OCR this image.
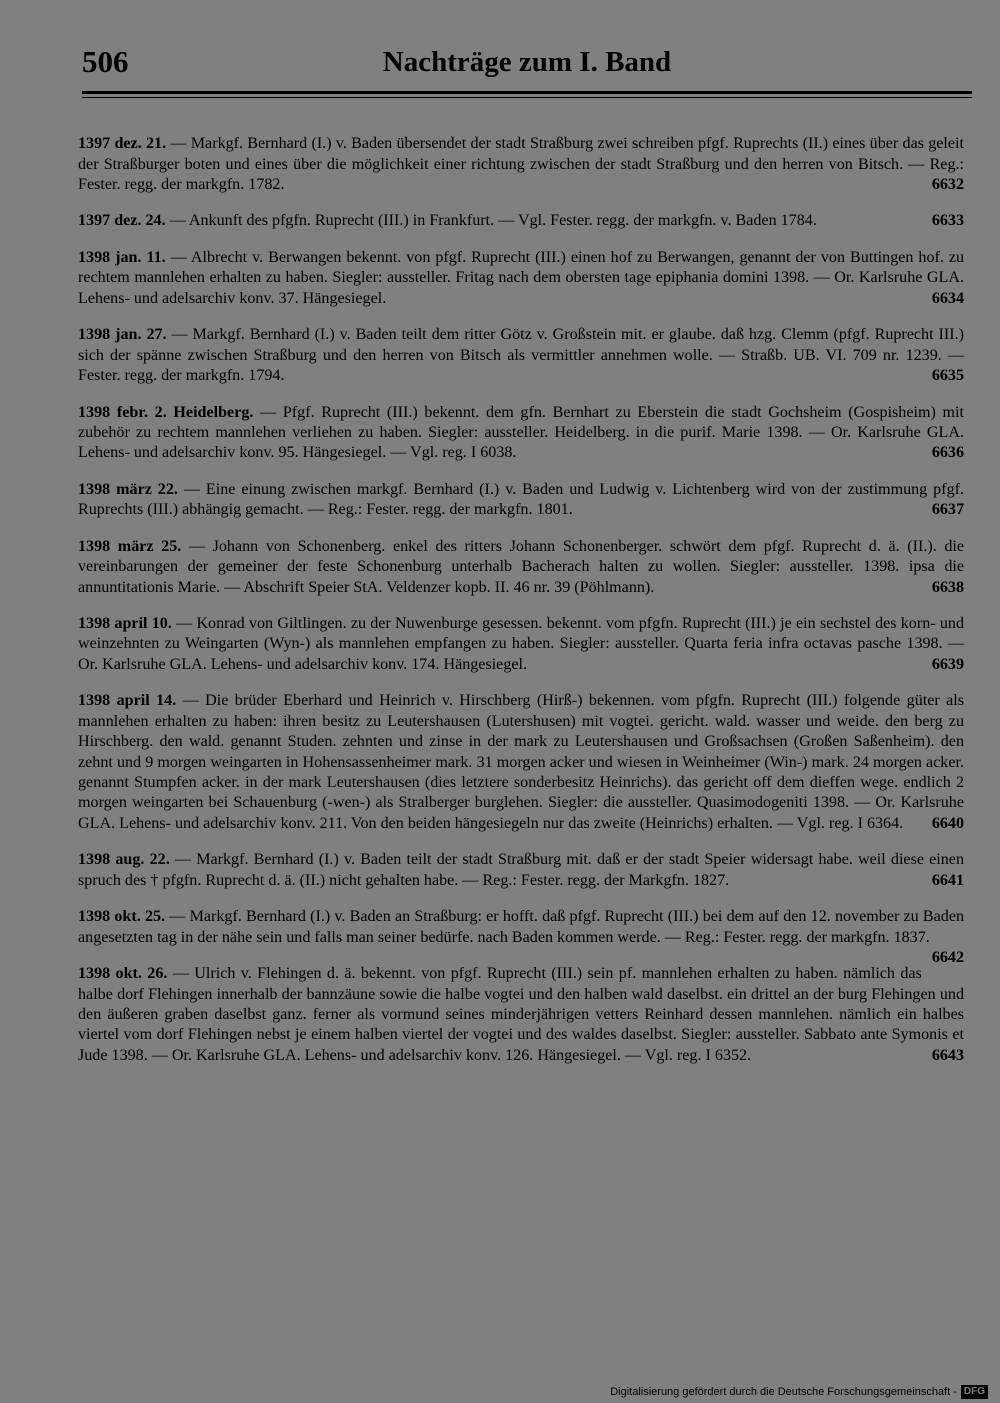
506	Nachträge zum I. Band

1397 dez. 21. — Markgf. Bernhard (I.) v. Baden übersendet der stadt Straßburg zwei schreiben pfgf. Ruprechts (II.) eines über das geleit der Straßburger boten und eines über die möglichkeit einer richtung zwischen der stadt Straßburg und den herren von Bitsch. — Reg.: Fester. regg. der markgfn. 1782.	6632

1397 dez. 24. — Ankunft des pfgfn. Ruprecht (III.) in Frankfurt. — Vgl. Fester. regg. der markgfn. v. Baden 1784.	6633

1398 jan. 11. — Albrecht v. Berwangen bekennt. von pfgf. Ruprecht (III.) einen hof zu Berwangen, genannt der von Buttingen hof. zu rechtem mannlehen erhalten zu haben. Siegler: aussteller. Fritag nach dem obersten tage epiphania domini 1398. — Or. Karlsruhe GLA. Lehens- und adelsarchiv konv. 37. Hängesiegel.	6634

1398 jan. 27. — Markgf. Bernhard (I.) v. Baden teilt dem ritter Götz v. Großstein mit. er glaube. daß hzg. Clemm (pfgf. Ruprecht III.) sich der spänne zwischen Straßburg und den herren von Bitsch als vermittler annehmen wolle. — Straßb. UB. VI. 709 nr. 1239. — Fester. regg. der markgfn. 1794.	6635

1398 febr. 2. Heidelberg. — Pfgf. Ruprecht (III.) bekennt. dem gfn. Bernhart zu Eberstein die stadt Gochsheim (Gospisheim) mit zubehör zu rechtem mannlehen verliehen zu haben. Siegler: aussteller. Heidelberg. in die purif. Marie 1398. — Or. Karlsruhe GLA. Lehens- und adelsarchiv konv. 95. Hängesiegel. — Vgl. reg. I 6038.	6636

1398 märz 22. — Eine einung zwischen markgf. Bernhard (I.) v. Baden und Ludwig v. Lichtenberg wird von der zustimmung pfgf. Ruprechts (III.) abhängig gemacht. — Reg.: Fester. regg. der markgfn. 1801.	6637

1398 märz 25. — Johann von Schonenberg. enkel des ritters Johann Schonenberger. schwört dem pfgf. Ruprecht d. ä. (II.). die vereinbarungen der gemeiner der feste Schonenburg unterhalb Bacherach halten zu wollen. Siegler: aussteller. 1398. ipsa die annuntitationis Marie. — Abschrift Speier StA. Veldenzer kopb. II. 46 nr. 39 (Pöhlmann).	6638

1398 april 10. — Konrad von Giltlingen. zu der Nuwenburge gesessen. bekennt. vom pfgfn. Ruprecht (III.) je ein sechstel des korn- und weinzehnten zu Weingarten (Wyn-) als mannlehen empfangen zu haben. Siegler: aussteller. Quarta feria infra octavas pasche 1398. — Or. Karlsruhe GLA. Lehens- und adelsarchiv konv. 174. Hängesiegel.	6639

1398 april 14. — Die brüder Eberhard und Heinrich v. Hirschberg (Hirß-) bekennen. vom pfgfn. Ruprecht (III.) folgende güter als mannlehen erhalten zu haben: ihren besitz zu Leutershausen (Lutershusen) mit vogtei. gericht. wald. wasser und weide. den berg zu Hirschberg. den wald. genannt Studen. zehnten und zinse in der mark zu Leutershausen und Großsachsen (Großen Saßenheim). den zehnt und 9 morgen weingarten in Hohensassenheimer mark. 31 morgen acker und wiesen in Weinheimer (Win-) mark. 24 morgen acker. genannt Stumpfen acker. in der mark Leutershausen (dies letztere sonderbesitz Heinrichs). das gericht off dem dieffen wege. endlich 2 morgen weingarten bei Schauenburg (-wen-) als Stralberger burglehen. Siegler: die aussteller. Quasimodogeniti 1398. — Or. Karlsruhe GLA. Lehens- und adelsarchiv konv. 211. Von den beiden hängesiegeln nur das zweite (Heinrichs) erhalten. — Vgl. reg. I 6364. 6640

1398 aug. 22. — Markgf. Bernhard (I.) v. Baden teilt der stadt Straßburg mit. daß er der stadt Speier widersagt habe. weil diese einen spruch des † pfgfn. Ruprecht d. ä. (II.) nicht gehalten habe. — Reg.: Fester. regg. der Markgfn. 1827.	6641

1398 okt. 25. — Markgf. Bernhard (I.) v. Baden an Straßburg: er hofft. daß pfgf. Ruprecht (III.) bei dem auf den 12. november zu Baden angesetzten tag in der nähe sein und falls man seiner bedürfe. nach Baden kommen werde. — Reg.: Fester. regg. der markgfn. 1837.
6642

1398 okt. 26. — Ulrich v. Flehingen d. ä. bekennt. von pfgf. Ruprecht (III.) sein pf. mannlehen erhalten zu haben. nämlich das halbe dorf Flehingen innerhalb der bannzäune sowie die halbe vogtei und den halben wald daselbst. ein drittel an der burg Flehingen und den äußeren graben daselbst ganz. ferner als vormund seines minderjährigen vetters Reinhard dessen mannlehen. nämlich ein halbes viertel vom dorf Flehingen nebst je einem halben viertel der vogtei und des waldes daselbst. Siegler: aussteller. Sabbato ante Symonis et Jude 1398. — Or. Karlsruhe GLA. Lehens- und adelsarchiv konv. 126. Hängesiegel. — Vgl. reg. I 6352.	6643

Digitalisierung gefördert durch die Deutsche Forschungsgemeinschaft - DFG
